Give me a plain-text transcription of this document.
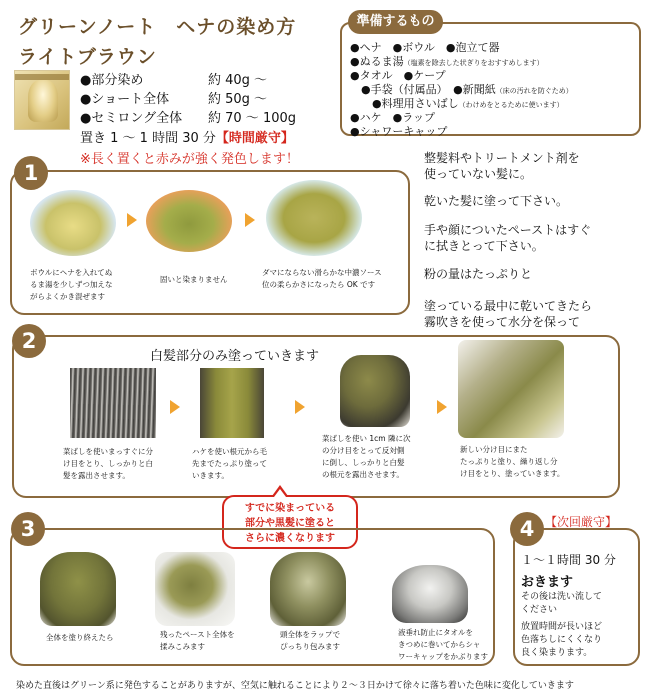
グリーンノート　ヘナの染め方
ライトブラウン
●部分染め	約 40g ～
●ショート全体	約 50g ～
●セミロング全体 約 70 ～ 100g
置き 1 ～ 1 時間 30 分【時間厳守】
※長く置くと赤みが強く発色します！
準備するもの
●ヘナ　●ボウル　●泡立て器
●ぬるま湯（塩素を除去した状ぎりをおすすめします）
●タオル　●ケープ
　●手袋（付属品）　●新聞紙（床の汚れを防ぐため）
　　●料理用さいばし（わけめをとるために使います）
●ハケ　●ラップ
●シャワーキャップ
1
ボウルにヘナを入れてぬ
るま湯を少しずつ加えな
がらよくかき混ぜます
固いと染まりません
ダマにならない滑らかな中濃ソース
位の柔らかさになったら OK です
整髪料やトリートメント剤を
使っていない髪に。
乾いた髪に塗って下さい。
手や顔についたペーストはすぐ
に拭きとって下さい。
粉の量はたっぷりと
塗っている最中に乾いてきたら
霧吹きを使って水分を保って
2
白髪部分のみ塗っていきます
菜ばしを使いまっすぐに分
け目をとり、しっかりと白
髪を露出させます。
ハケを使い根元から毛
先までたっぷり塗って
いきます。
菜ばしを使い 1cm 隣に次
の分け目をとって反対側
に倒し、しっかりと白髪
の根元を露出させます。
新しい分け目にまた
たっぷりと塗り、繰り返し分
け目をとり、塗っていきます。
すでに染まっている
部分や黒髪に塗ると
さらに濃くなります
3
全体を塗り終えたら	残ったペースト全体を
揉みこみます
頭全体をラップで
ぴっちり包みます
液垂れ防止にタオルを
きつめに巻いてからシャ
ワーキャップをかぶります
4 【次回厳守】
１～１時間 30 分
おきます
その後は洗い流して
ください
放置時間が長いほど
色落ちしにくくなり
良く染まります。
染めた直後はグリーン系に発色することがありますが、空気に触れることにより２～３日かけて徐々に落ち着いた色味に変化していきます
